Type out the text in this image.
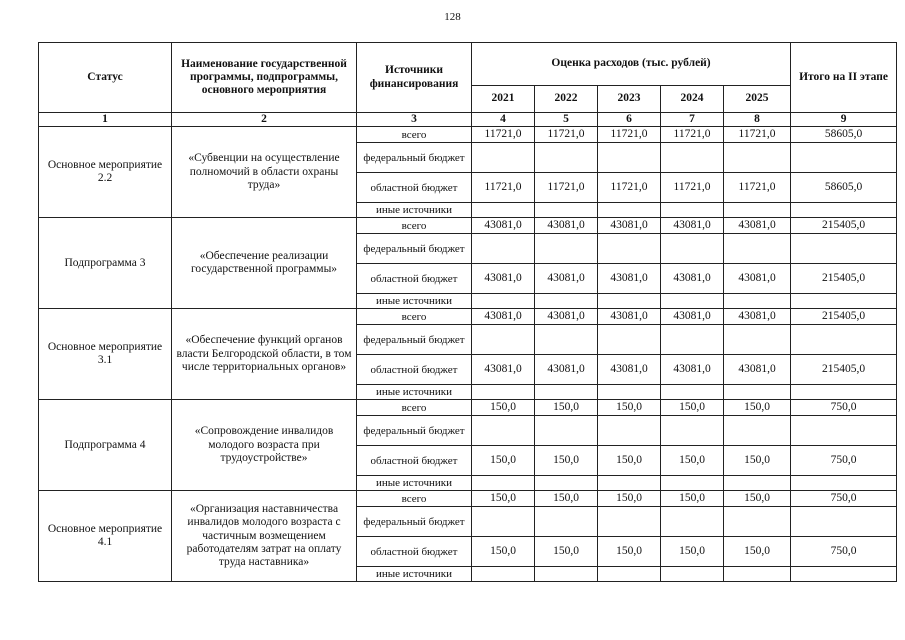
128
Статус	Наименование государственной программы, подпрограммы, основного мероприятия	Источники финансирования	Оценка расходов (тыс. рублей)					Итого на II этапе
			2021	2022	2023	2024	2025	
1	2	3	4	5	6	7	8	9
Основное мероприятие 2.2	«Субвенции на осуществление полномочий в области охраны труда»	всего	11721,0	11721,0	11721,0	11721,0	11721,0	58605,0
		федеральный бюджет						
		областной бюджет	11721,0	11721,0	11721,0	11721,0	11721,0	58605,0
		иные источники						
Подпрограмма 3	«Обеспечение реализации государственной программы»	всего	43081,0	43081,0	43081,0	43081,0	43081,0	215405,0
		федеральный бюджет						
		областной бюджет	43081,0	43081,0	43081,0	43081,0	43081,0	215405,0
		иные источники						
Основное мероприятие 3.1	«Обеспечение функций органов власти Белгородской области, в том числе территориальных органов»	всего	43081,0	43081,0	43081,0	43081,0	43081,0	215405,0
		федеральный бюджет						
		областной бюджет	43081,0	43081,0	43081,0	43081,0	43081,0	215405,0
		иные источники						
Подпрограмма 4	«Сопровождение инвалидов молодого возраста при трудоустройстве»	всего	150,0	150,0	150,0	150,0	150,0	750,0
		федеральный бюджет						
		областной бюджет	150,0	150,0	150,0	150,0	150,0	750,0
		иные источники						
Основное мероприятие 4.1	«Организация наставничества инвалидов молодого возраста с частичным возмещением работодателям затрат на оплату труда наставника»	всего	150,0	150,0	150,0	150,0	150,0	750,0
		федеральный бюджет						
		областной бюджет	150,0	150,0	150,0	150,0	150,0	750,0
		иные источники						
